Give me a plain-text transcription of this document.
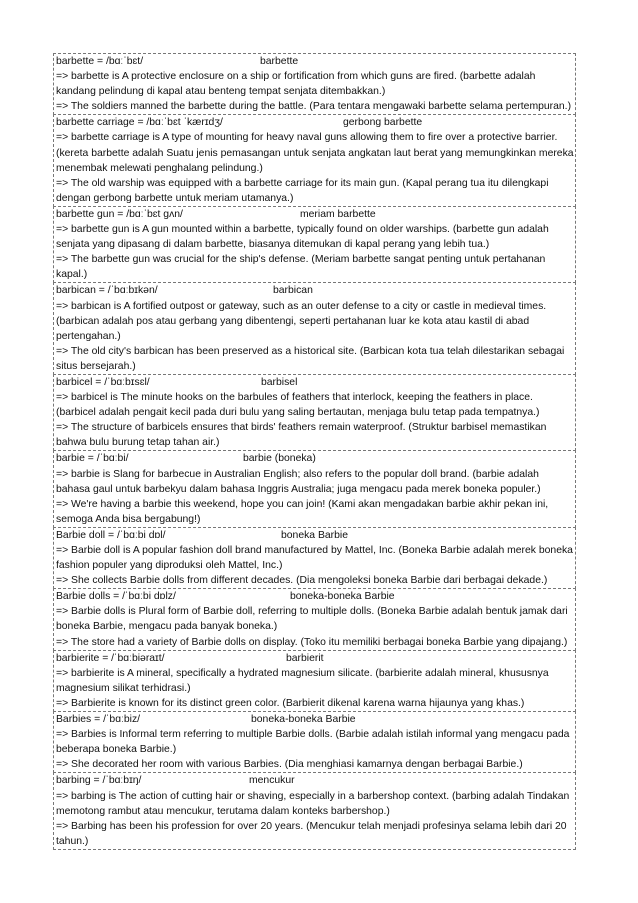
barbette = /bɑːˈbɛt/	barbette
=> barbette is A protective enclosure on a ship or fortification from which guns are fired. (barbette adalah kandang pelindung di kapal atau benteng tempat senjata ditembakkan.)
=> The soldiers manned the barbette during the battle. (Para tentara mengawaki barbette selama pertempuran.)
barbette carriage = /bɑːˈbɛt ˈkærɪdʒ/	gerbong barbette
=> barbette carriage is A type of mounting for heavy naval guns allowing them to fire over a protective barrier. (kereta barbette adalah Suatu jenis pemasangan untuk senjata angkatan laut berat yang memungkinkan mereka menembak melewati penghalang pelindung.)
=> The old warship was equipped with a barbette carriage for its main gun. (Kapal perang tua itu dilengkapi dengan gerbong barbette untuk meriam utamanya.)
barbette gun = /bɑːˈbɛt ɡʌn/	meriam barbette
=> barbette gun is A gun mounted within a barbette, typically found on older warships. (barbette gun adalah senjata yang dipasang di dalam barbette, biasanya ditemukan di kapal perang yang lebih tua.)
=> The barbette gun was crucial for the ship's defense. (Meriam barbette sangat penting untuk pertahanan kapal.)
barbican = /ˈbɑːbɪkən/	barbican
=> barbican is A fortified outpost or gateway, such as an outer defense to a city or castle in medieval times. (barbican adalah pos atau gerbang yang dibentengi, seperti pertahanan luar ke kota atau kastil di abad pertengahan.)
=> The old city's barbican has been preserved as a historical site. (Barbican kota tua telah dilestarikan sebagai situs bersejarah.)
barbicel = /ˈbɑːbɪsɛl/	barbisel
=> barbicel is The minute hooks on the barbules of feathers that interlock, keeping the feathers in place. (barbicel adalah pengait kecil pada duri bulu yang saling bertautan, menjaga bulu tetap pada tempatnya.)
=> The structure of barbicels ensures that birds' feathers remain waterproof. (Struktur barbisel memastikan bahwa bulu burung tetap tahan air.)
barbie = /ˈbɑːbi/	barbie (boneka)
=> barbie is Slang for barbecue in Australian English; also refers to the popular doll brand. (barbie adalah bahasa gaul untuk barbekyu dalam bahasa Inggris Australia; juga mengacu pada merek boneka populer.)
=> We're having a barbie this weekend, hope you can join! (Kami akan mengadakan barbie akhir pekan ini, semoga Anda bisa bergabung!)
Barbie doll = /ˈbɑːbi dɒl/	boneka Barbie
=> Barbie doll is A popular fashion doll brand manufactured by Mattel, Inc. (Boneka Barbie adalah merek boneka fashion populer yang diproduksi oleh Mattel, Inc.)
=> She collects Barbie dolls from different decades. (Dia mengoleksi boneka Barbie dari berbagai dekade.)
Barbie dolls = /ˈbɑːbi dɒlz/	boneka-boneka Barbie
=> Barbie dolls is Plural form of Barbie doll, referring to multiple dolls. (Boneka Barbie adalah bentuk jamak dari boneka Barbie, mengacu pada banyak boneka.)
=> The store had a variety of Barbie dolls on display. (Toko itu memiliki berbagai boneka Barbie yang dipajang.)
barbierite = /ˈbɑːbiəraɪt/	barbierit
=> barbierite is A mineral, specifically a hydrated magnesium silicate. (barbierite adalah mineral, khususnya magnesium silikat terhidrasi.)
=> Barbierite is known for its distinct green color. (Barbierit dikenal karena warna hijaunya yang khas.)
Barbies = /ˈbɑːbiz/	boneka-boneka Barbie
=> Barbies is Informal term referring to multiple Barbie dolls. (Barbie adalah istilah informal yang mengacu pada beberapa boneka Barbie.)
=> She decorated her room with various Barbies. (Dia menghiasi kamarnya dengan berbagai Barbie.)
barbing = /ˈbɑːbɪŋ/	mencukur
=> barbing is The action of cutting hair or shaving, especially in a barbershop context. (barbing adalah Tindakan memotong rambut atau mencukur, terutama dalam konteks barbershop.)
=> Barbing has been his profession for over 20 years. (Mencukur telah menjadi profesinya selama lebih dari 20 tahun.)
